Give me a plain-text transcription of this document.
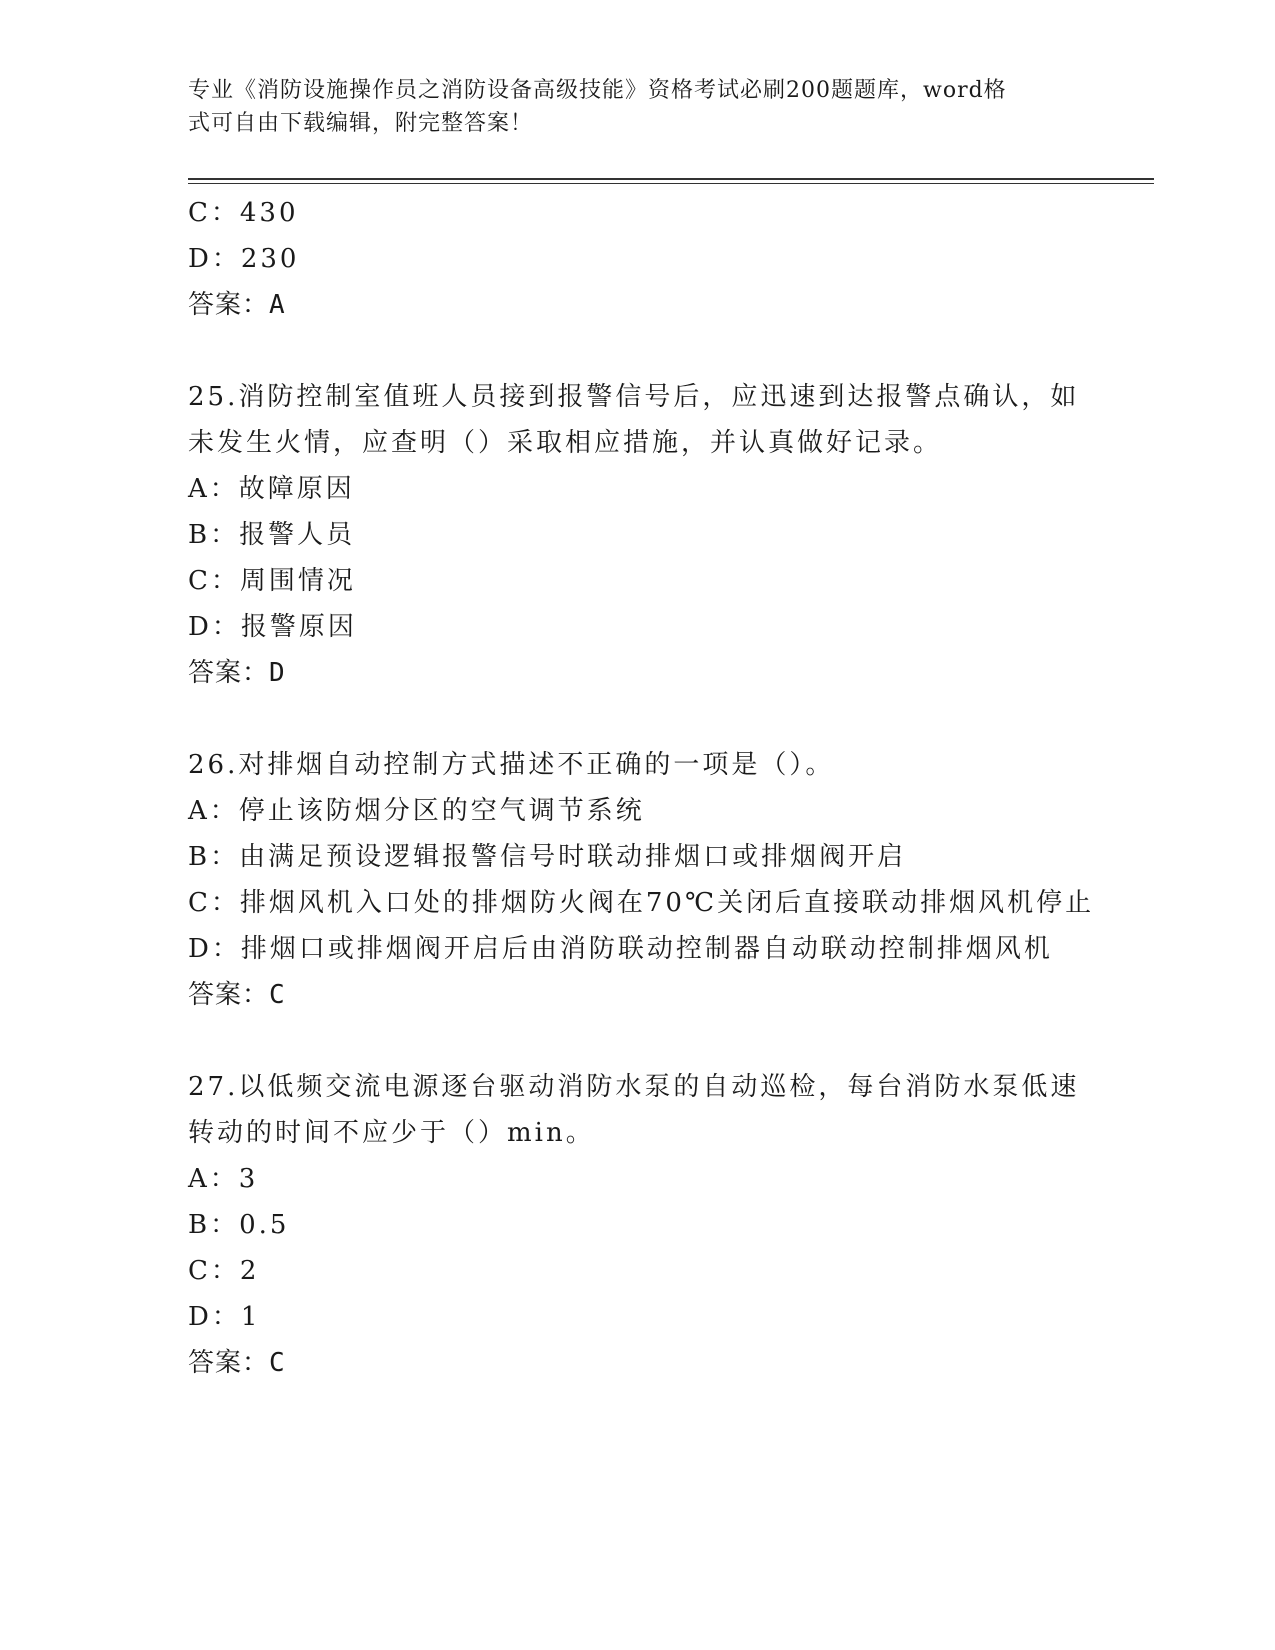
专业《消防设施操作员之消防设备高级技能》资格考试必刷200题题库，word格
式可自由下载编辑，附完整答案！
C：430
D：230
答案：A
25.消防控制室值班人员接到报警信号后，应迅速到达报警点确认，如
未发生火情，应查明（）采取相应措施，并认真做好记录。
A：故障原因
B：报警人员
C：周围情况
D：报警原因
答案：D
26.对排烟自动控制方式描述不正确的一项是（）。
A：停止该防烟分区的空气调节系统
B：由满足预设逻辑报警信号时联动排烟口或排烟阀开启
C：排烟风机入口处的排烟防火阀在70℃关闭后直接联动排烟风机停止
D：排烟口或排烟阀开启后由消防联动控制器自动联动控制排烟风机
答案：C
27.以低频交流电源逐台驱动消防水泵的自动巡检，每台消防水泵低速
转动的时间不应少于（）min。
A：3
B：0.5
C：2
D：1
答案：C
